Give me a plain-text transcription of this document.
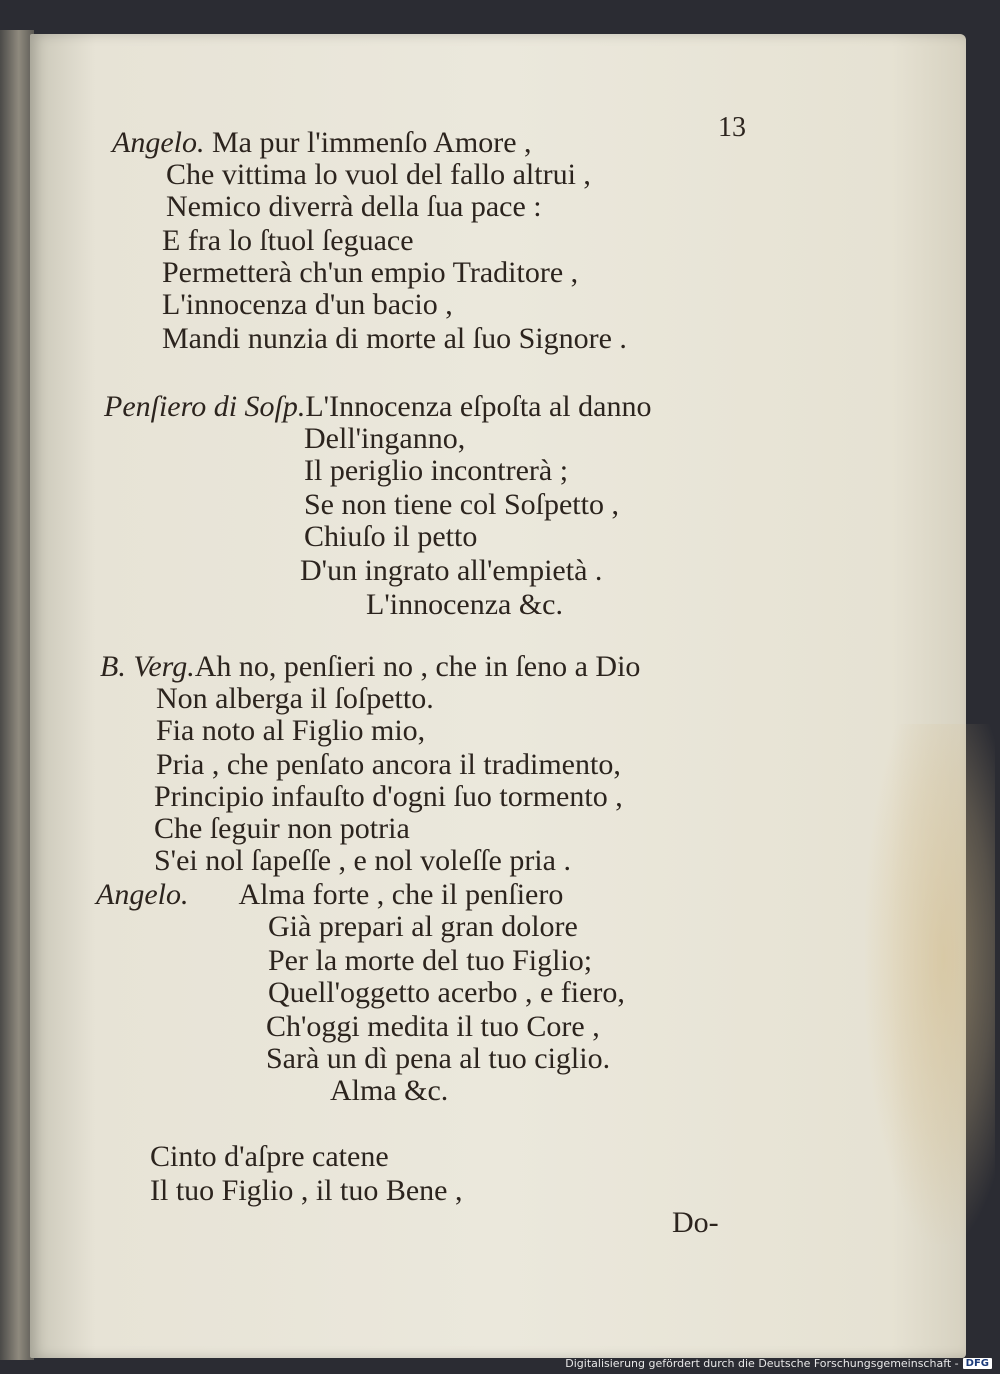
13
Angelo. Ma pur l'immenſo Amore ,
Che vittima lo vuol del fallo altrui ,
Nemico diverrà della ſua pace :
E fra lo ſtuol ſeguace
Permetterà ch'un empio Traditore ,
L'innocenza d'un bacio ,
Mandi nunzia di morte al ſuo Signore .
Penſiero di Soſp.L'Innocenza eſpoſta al danno
Dell'inganno,
Il periglio incontrerà ;
Se non tiene col Soſpetto ,
Chiuſo il petto
D'un ingrato all'empietà .
L'innocenza &c.
B. Verg.Ah no, penſieri no , che in ſeno a Dio
Non alberga il ſoſpetto.
Fia noto al Figlio mio,
Pria , che penſato ancora il tradimento,
Principio infauſto d'ogni ſuo tormento ,
Che ſeguir non potria
S'ei nol ſapeſſe , e nol voleſſe pria .
Angelo. Alma forte , che il penſiero
Già prepari al gran dolore
Per la morte del tuo Figlio;
Quell'oggetto acerbo , e fiero,
Ch'oggi medita il tuo Core ,
Sarà un dì pena al tuo ciglio.
Alma &c.
Cinto d'aſpre catene
Il tuo Figlio , il tuo Bene ,
Do-
Digitalisierung gefördert durch die Deutsche Forschungsgemeinschaft - DFG
